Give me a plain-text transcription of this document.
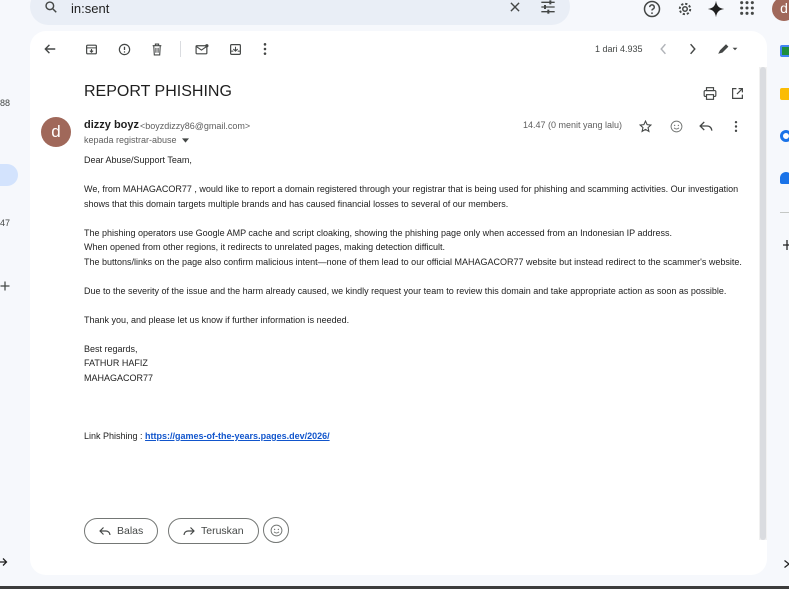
in:sent	d
88
47
1 dari 4.935
REPORT PHISHING
d	dizzy boyz <boyzdizzy86@gmail.com>
kepada registrar-abuse
14.47 (0 menit yang lalu)

Dear Abuse/Support Team,

We, from MAHAGACOR77 , would like to report a domain registered through your registrar that is being used for phishing and scamming activities. Our investigation shows that this domain targets multiple brands and has caused financial losses to several of our members.

The phishing operators use Google AMP cache and script cloaking, showing the phishing page only when accessed from an Indonesian IP address.

When opened from other regions, it redirects to unrelated pages, making detection difficult.

The buttons/links on the page also confirm malicious intent—none of them lead to our official MAHAGACOR77 website but instead redirect to the scammer's website.

Due to the severity of the issue and the harm already caused, we kindly request your team to review this domain and take appropriate action as soon as possible.

Thank you, and please let us know if further information is needed.

Best regards,

FATHUR HAFIZ

MAHAGACOR77

Link Phishing : https://games-of-the-years.pages.dev/2026/

Balas	Teruskan
